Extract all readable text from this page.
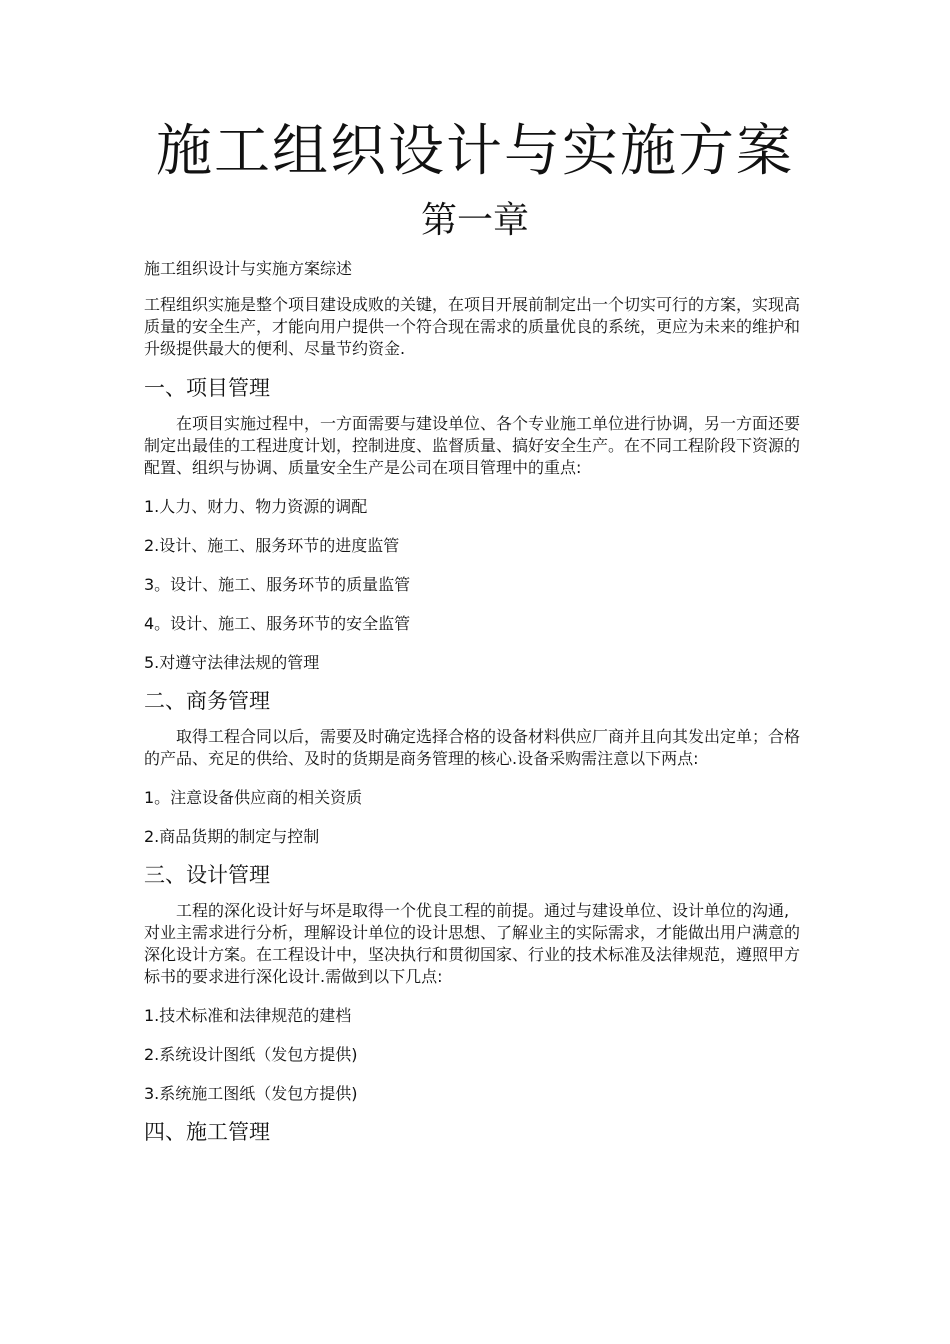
施工组织设计与实施方案
第一章

施工组织设计与实施方案综述

工程组织实施是整个项目建设成败的关键，在项目开展前制定出一个切实可行的方案，实现高质量的安全生产，才能向用户提供一个符合现在需求的质量优良的系统，更应为未来的维护和升级提供最大的便利、尽量节约资金.

一、项目管理

在项目实施过程中，一方面需要与建设单位、各个专业施工单位进行协调，另一方面还要制定出最佳的工程进度计划，控制进度、监督质量、搞好安全生产。在不同工程阶段下资源的配置、组织与协调、质量安全生产是公司在项目管理中的重点:

1.人力、财力、物力资源的调配

2.设计、施工、服务环节的进度监管

3。设计、施工、服务环节的质量监管

4。设计、施工、服务环节的安全监管

5.对遵守法律法规的管理

二、商务管理

取得工程合同以后，需要及时确定选择合格的设备材料供应厂商并且向其发出定单；合格的产品、充足的供给、及时的货期是商务管理的核心.设备采购需注意以下两点:

1。注意设备供应商的相关资质

2.商品货期的制定与控制

三、设计管理

工程的深化设计好与坏是取得一个优良工程的前提。通过与建设单位、设计单位的沟通,对业主需求进行分析，理解设计单位的设计思想、了解业主的实际需求，才能做出用户满意的深化设计方案。在工程设计中，坚决执行和贯彻国家、行业的技术标准及法律规范，遵照甲方标书的要求进行深化设计.需做到以下几点:

1.技术标准和法律规范的建档

2.系统设计图纸（发包方提供)

3.系统施工图纸（发包方提供)

四、施工管理
